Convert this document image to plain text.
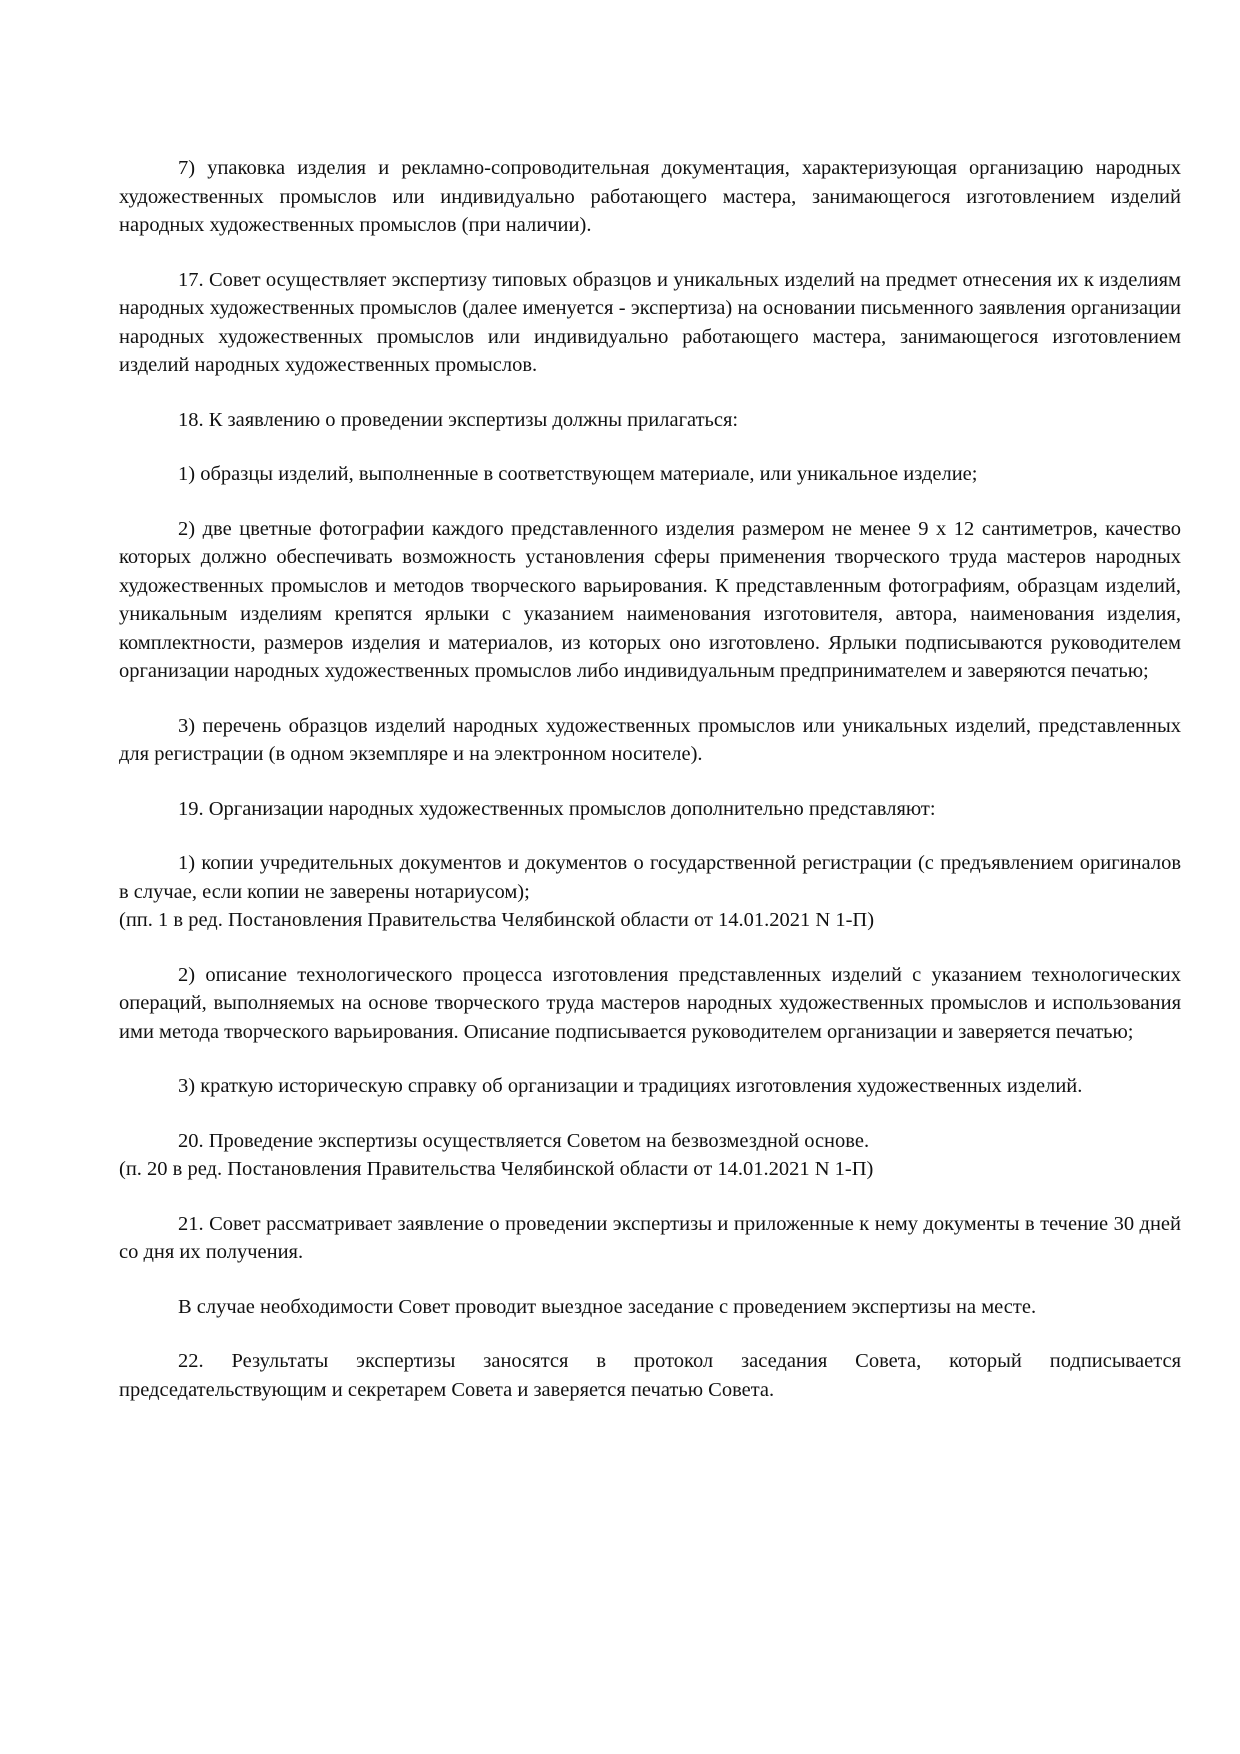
7) упаковка изделия и рекламно-сопроводительная документация, характеризующая организацию народных художественных промыслов или индивидуально работающего мастера, занимающегося изготовлением изделий народных художественных промыслов (при наличии).

17. Совет осуществляет экспертизу типовых образцов и уникальных изделий на предмет отнесения их к изделиям народных художественных промыслов (далее именуется - экспертиза) на основании письменного заявления организации народных художественных промыслов или индивидуально работающего мастера, занимающегося изготовлением изделий народных художественных промыслов.

18. К заявлению о проведении экспертизы должны прилагаться:

1) образцы изделий, выполненные в соответствующем материале, или уникальное изделие;

2) две цветные фотографии каждого представленного изделия размером не менее 9 x 12 сантиметров, качество которых должно обеспечивать возможность установления сферы применения творческого труда мастеров народных художественных промыслов и методов творческого варьирования. К представленным фотографиям, образцам изделий, уникальным изделиям крепятся ярлыки с указанием наименования изготовителя, автора, наименования изделия, комплектности, размеров изделия и материалов, из которых оно изготовлено. Ярлыки подписываются руководителем организации народных художественных промыслов либо индивидуальным предпринимателем и заверяются печатью;

3) перечень образцов изделий народных художественных промыслов или уникальных изделий, представленных для регистрации (в одном экземпляре и на электронном носителе).

19. Организации народных художественных промыслов дополнительно представляют:

1) копии учредительных документов и документов о государственной регистрации (с предъявлением оригиналов в случае, если копии не заверены нотариусом);
(пп. 1 в ред. Постановления Правительства Челябинской области от 14.01.2021 N 1-П)

2) описание технологического процесса изготовления представленных изделий с указанием технологических операций, выполняемых на основе творческого труда мастеров народных художественных промыслов и использования ими метода творческого варьирования. Описание подписывается руководителем организации и заверяется печатью;

3) краткую историческую справку об организации и традициях изготовления художественных изделий.

20. Проведение экспертизы осуществляется Советом на безвозмездной основе.
(п. 20 в ред. Постановления Правительства Челябинской области от 14.01.2021 N 1-П)

21. Совет рассматривает заявление о проведении экспертизы и приложенные к нему документы в течение 30 дней со дня их получения.

В случае необходимости Совет проводит выездное заседание с проведением экспертизы на месте.

22. Результаты экспертизы заносятся в протокол заседания Совета, который подписывается председательствующим и секретарем Совета и заверяется печатью Совета.
